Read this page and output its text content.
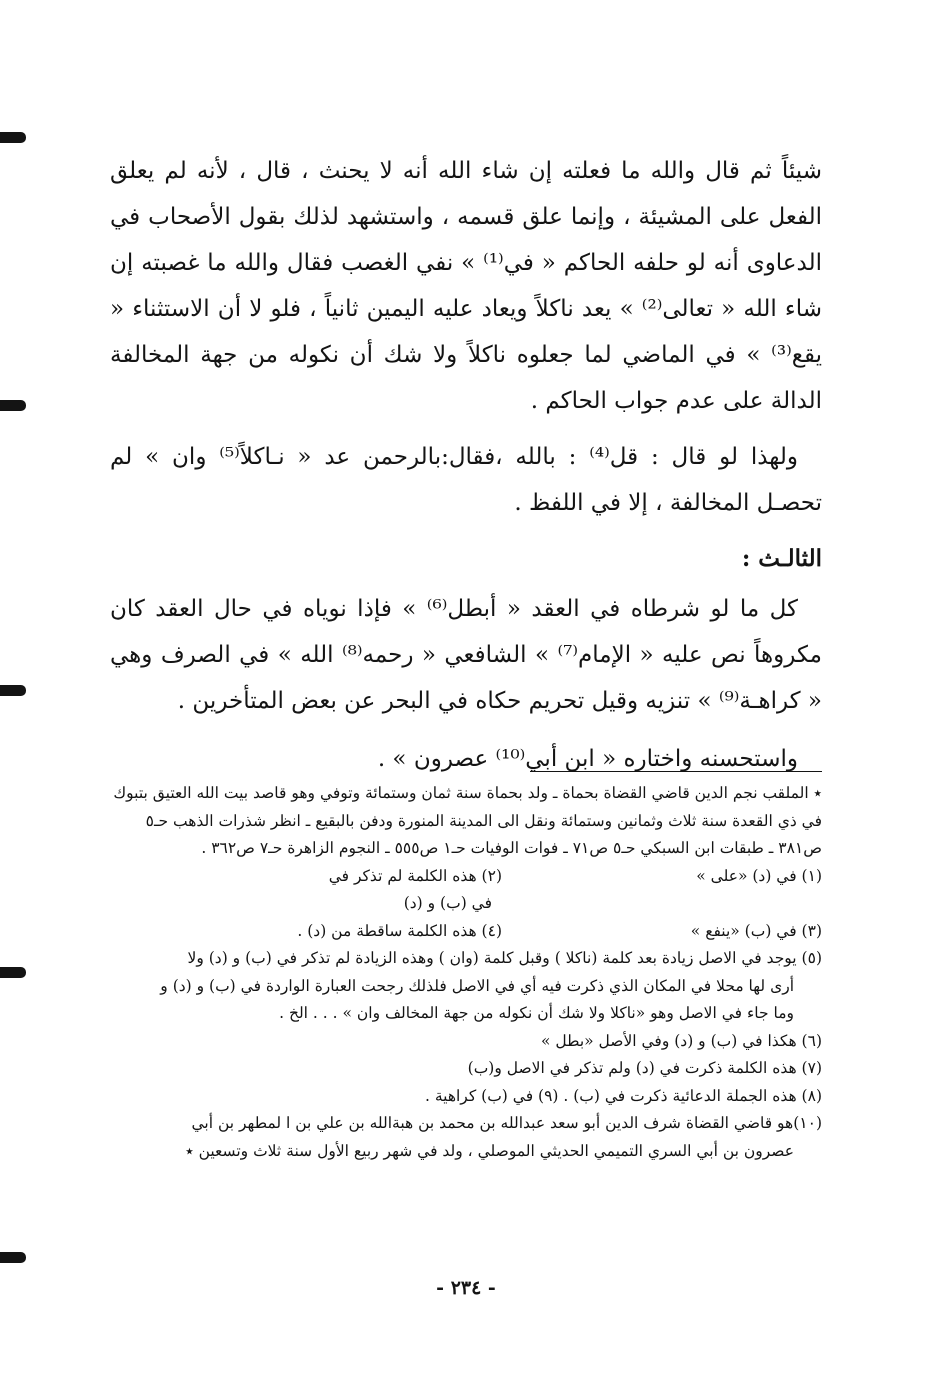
شيئاً ثم قال والله ما فعلته إن شاء الله أنه لا يحنث ، قال ، لأنه لم يعلق الفعل على المشيئة ، وإنما علق قسمه ، واستشهد لذلك بقول الأصحاب في الدعاوى أنه لو حلفه الحاكم « في⁽¹⁾ » نفي الغصب فقال والله ما غصبته إن شاء الله « تعالى⁽²⁾ » يعد ناكلاً ويعاد عليه اليمين ثانياً ، فلو لا أن الاستثناء « يقع⁽³⁾ » في الماضي لما جعلوه ناكلاً ولا شك أن نكوله من جهة المخالفة الدالة على عدم جواب الحاكم .

ولهذا لو قال : قل⁽⁴⁾ : بالله ،فقال:بالرحمن عد « نـاكلاً⁽⁵⁾ وان » لم تحصـل المخالفة ، إلا في اللفظ .

الثالـث :

كل ما لو شرطاه في العقد « أبطل⁽⁶⁾ » فإذا نوياه في حال العقد كان مكروهاً نص عليه « الإمام⁽⁷⁾ » الشافعي « رحمه⁽⁸⁾ الله » في الصرف وهي « كراهـة⁽⁹⁾ » تنزيه وقيل تحريم حكاه في البحر عن بعض المتأخرين .

واستحسنه واختاره « ابن أبي⁽¹⁰⁾ عصرون » .

٭ الملقب نجم الدين قاضي القضاة بحماة ـ ولد بحماة سنة ثمان وستمائة وتوفي وهو قاصد بيت الله العتيق بتبوك في ذي القعدة سنة ثلاث وثمانين وستمائة ونقل الى المدينة المنورة ودفن بالبقيع ـ انظر شذرات الذهب حـ٥ ص٣٨١ ـ طبقات ابن السبكي حـ٥ ص٧١ ـ فوات الوفيات حـ١ ص٥٥٥ ـ النجوم الزاهرة حـ٧ ص٣٦٢ .

(١) في (د) «على »

(٢) هذه الكلمة لم تذكر في

في (ب) و (د)

(٣) في (ب) «ينفع »

(٤) هذه الكلمة ساقطة من (د) .

(٥) يوجد في الاصل زيادة بعد كلمة (ناكلا ) وقبل كلمة (وان ) وهذه الزيادة لم تذكر في (ب) و (د) ولا

أرى لها محلا في المكان الذي ذكرت فيه أي في الاصل فلذلك رجحت العبارة الواردة في (ب) و (د) و

وما جاء في الاصل وهو «ناكلا ولا شك أن نكوله من جهة المخالف وان » . . . الخ .

(٦) هكذا في (ب) و (د) وفي الأصل «بطل »

(٧) هذه الكلمة ذكرت في (د) ولم تذكر في الاصل و(ب)

(٨) هذه الجملة الدعائية ذكرت في (ب) . (٩) في (ب) كراهية .

(١٠)هو قاضي القضاة شرف الدين أبو سعد عبدالله بن محمد بن هبةالله بن علي بن ا لمطهر بن أبي

عصرون بن أبي السري التميمي الحديثي الموصلي ، ولد في شهر ربيع الأول سنة ثلاث وتسعين ٭

- ٢٣٤ -
